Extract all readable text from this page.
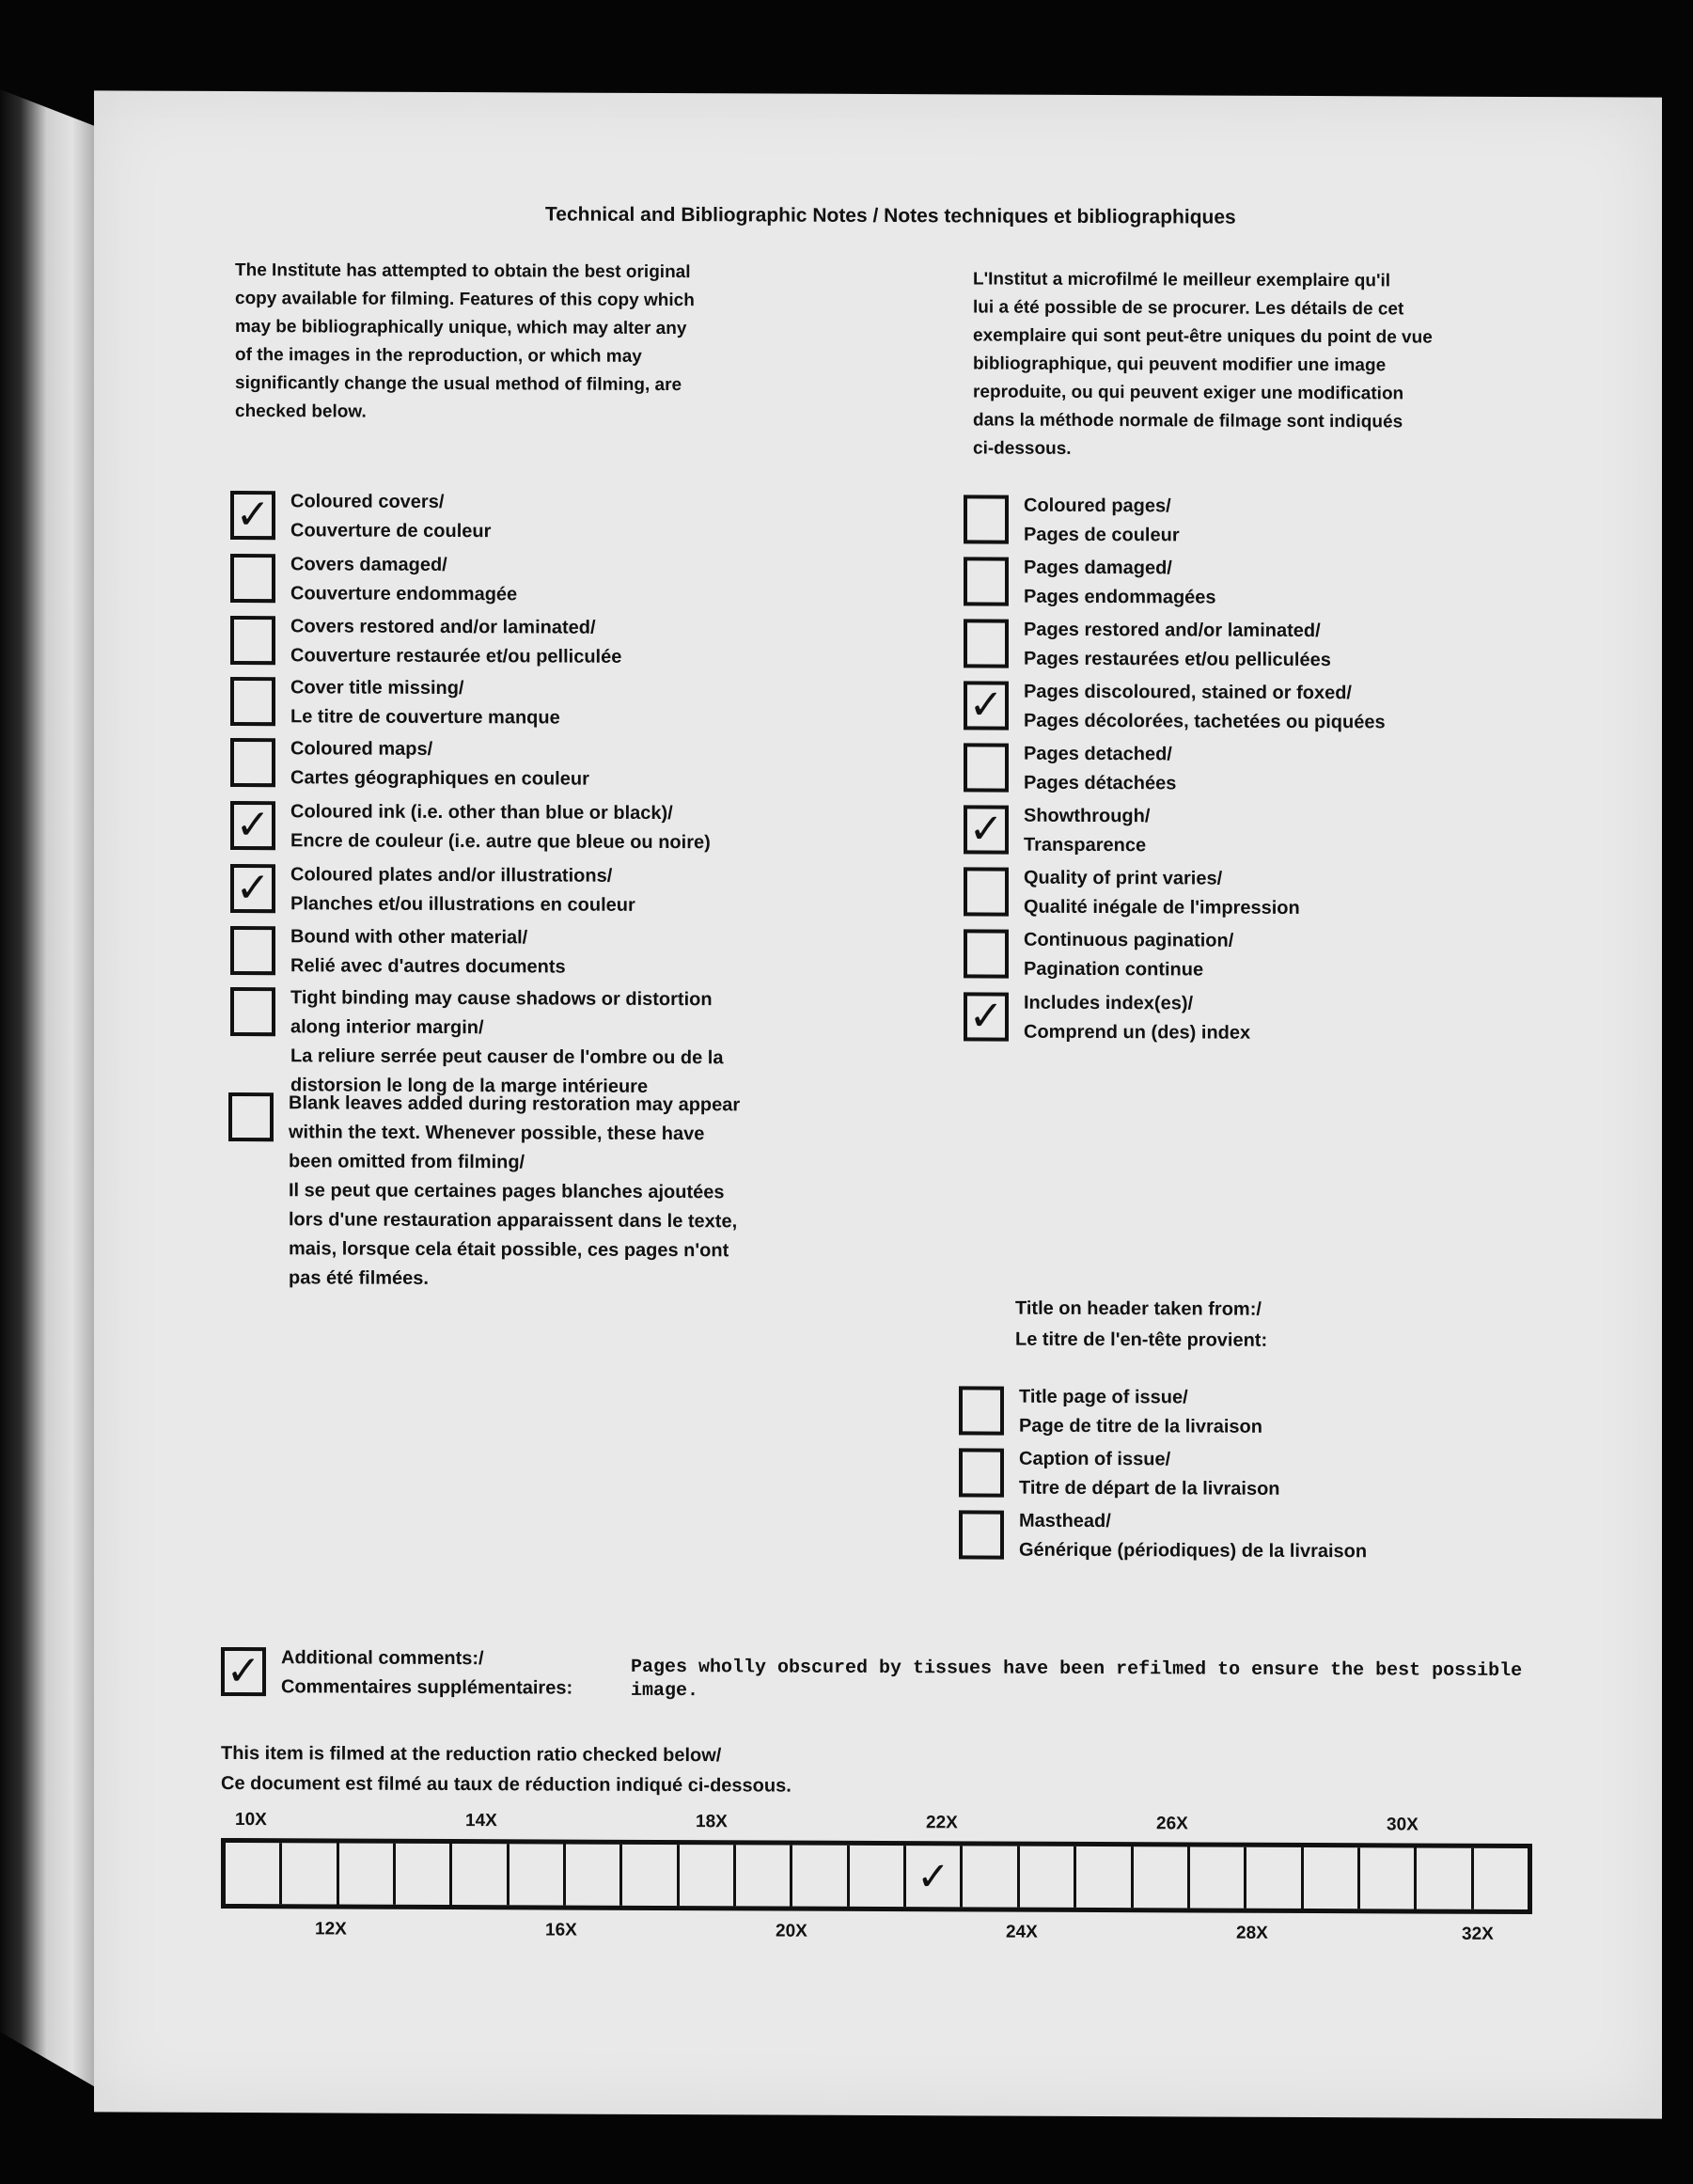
Technical and Bibliographic Notes / Notes techniques et bibliographiques
The Institute has attempted to obtain the best original
copy available for filming. Features of this copy which
may be bibliographically unique, which may alter any
of the images in the reproduction, or which may
significantly change the usual method of filming, are
checked below.
L'Institut a microfilmé le meilleur exemplaire qu'il
lui a été possible de se procurer. Les détails de cet
exemplaire qui sont peut-être uniques du point de vue
bibliographique, qui peuvent modifier une image
reproduite, ou qui peuvent exiger une modification
dans la méthode normale de filmage sont indiqués
ci-dessous.
✓ Coloured covers/
Couverture de couleur
Covers damaged/
Couverture endommagée
Covers restored and/or laminated/
Couverture restaurée et/ou pelliculée
Cover title missing/
Le titre de couverture manque
Coloured maps/
Cartes géographiques en couleur
✓ Coloured ink (i.e. other than blue or black)/
Encre de couleur (i.e. autre que bleue ou noire)
✓ Coloured plates and/or illustrations/
Planches et/ou illustrations en couleur
Bound with other material/
Relié avec d'autres documents
Tight binding may cause shadows or distortion
along interior margin/
La reliure serrée peut causer de l'ombre ou de la
distorsion le long de la marge intérieure
Blank leaves added during restoration may appear
within the text. Whenever possible, these have
been omitted from filming/
Il se peut que certaines pages blanches ajoutées
lors d'une restauration apparaissent dans le texte,
mais, lorsque cela était possible, ces pages n'ont
pas été filmées.
Coloured pages/
Pages de couleur
Pages damaged/
Pages endommagées
Pages restored and/or laminated/
Pages restaurées et/ou pelliculées
✓ Pages discoloured, stained or foxed/
Pages décolorées, tachetées ou piquées
Pages detached/
Pages détachées
✓ Showthrough/
Transparence
Quality of print varies/
Qualité inégale de l'impression
Continuous pagination/
Pagination continue
✓ Includes index(es)/
Comprend un (des) index
Title on header taken from:/
Le titre de l'en-tête provient:
Title page of issue/
Page de titre de la livraison
Caption of issue/
Titre de départ de la livraison
Masthead/
Générique (périodiques) de la livraison
✓ Additional comments:/
Commentaires supplémentaires:
Pages wholly obscured by tissues have been refilmed to ensure the best possible image.
This item is filmed at the reduction ratio checked below/
Ce document est filmé au taux de réduction indiqué ci-dessous.
✓
10X	14X	18X	22X	26X	30X
12X	16X	20X	24X	28X	32X
